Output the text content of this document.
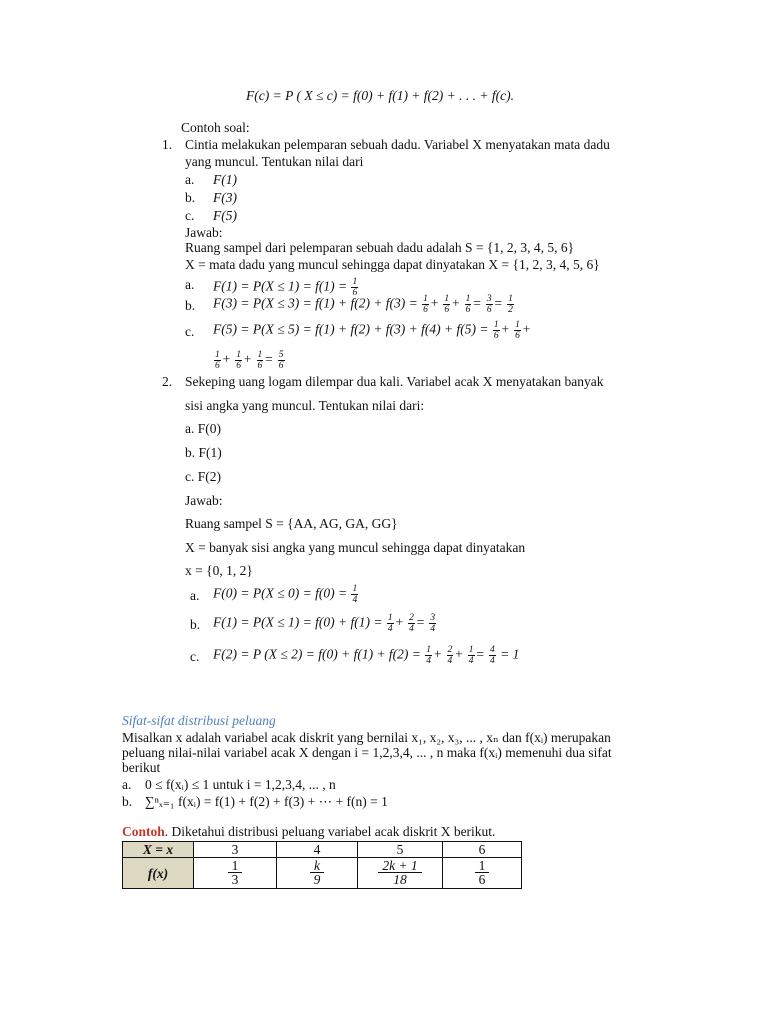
F(c) = P ( X ≤ c) = f(0) + f(1) + f(2) + . . . + f(c).
Contoh soal:
1. Cintia melakukan pelemparan sebuah dadu. Variabel X menyatakan mata dadu
yang muncul. Tentukan nilai dari
a. F(1)
b. F(3)
c. F(5)
Jawab:
Ruang sampel dari pelemparan sebuah dadu adalah S = {1, 2, 3, 4, 5, 6}
X = mata dadu yang muncul sehingga dapat dinyatakan X = {1, 2, 3, 4, 5, 6}
a. $F(1) = P(X \le 1) = f(1) = \frac{1}{6}$
b. $F(3) = P(X \le 3) = f(1) + f(2) + f(3) = \frac{1}{6} + \frac{1}{6} + \frac{1}{6} = \frac{3}{6} = \frac{1}{2}$
c. $F(5) = P(X \le 5) = f(1) + f(2) + f(3) + f(4) + f(5) = \frac{1}{6} + \frac{1}{6}$ +
$\frac{1}{6} + \frac{1}{6} + \frac{1}{6} = \frac{5}{6}$
2. Sekeping uang logam dilempar dua kali. Variabel acak X menyatakan banyak
sisi angka yang muncul. Tentukan nilai dari:
a. F(0)
b. F(1)
c. F(2)
Jawab:
Ruang sampel S = {AA, AG, GA, GG}
X = banyak sisi angka yang muncul sehingga dapat dinyatakan
x = {0, 1, 2}
a. $F(0) = P(X \le 0) = f(0) = \frac{1}{4}$
b. $F(1) = P(X \le 1) = f(0) + f(1) = \frac{1}{4} + \frac{2}{4} = \frac{3}{4}$
c. F(2) = P $(X \le 2) = f(0) + f(1) + f(2) = \frac{1}{4} + \frac{2}{4} + \frac{1}{4} = \frac{4}{4} = 1$
Sifat-sifat distribusi peluang
Misalkan x adalah variabel acak diskrit yang bernilai x₁, x₂, x₃, ... , xₙ dan f(xᵢ) merupakan
peluang nilai-nilai variabel acak X dengan i = 1,2,3,4, ... , n maka f(xᵢ) memenuhi dua sifat
berikut
a. 0 ≤ f(xᵢ) ≤ 1 untuk i = 1,2,3,4, ... , n
b. ∑ⁿₓ₌₁ f(xᵢ) = f(1) + f(2) + f(3) + ⋯ + f(n) = 1
Contoh. Diketahui distribusi peluang variabel acak diskrit X berikut.
X = x	3	4	5	6
f(x)	$\frac{1}{3}$	$\frac{k}{9}$	$\frac{2k + 1}{18}$	$\frac{1}{6}$
